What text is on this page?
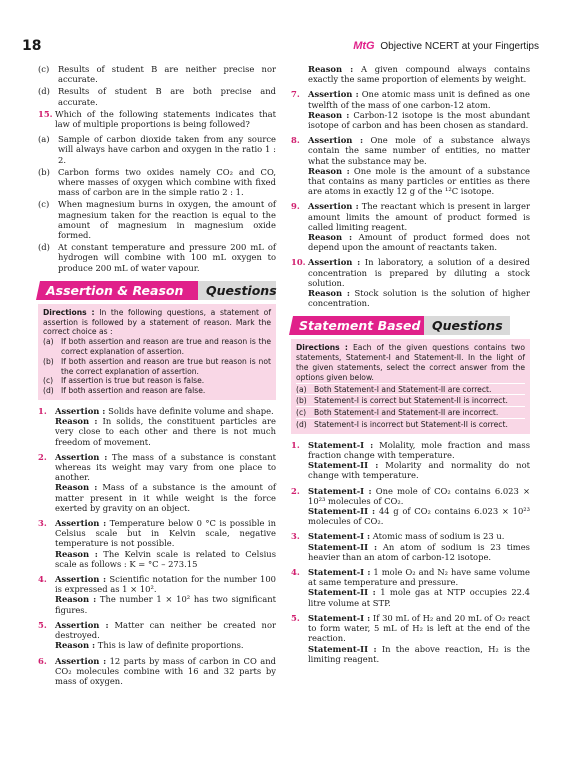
18	MtG Objective NCERT at your Fingertips
(c) Results of student B are neither precise nor accurate.
(d) Results of student B are both precise and accurate.
15. Which of the following statements indicates that law of multiple proportions is being followed?
(a) Sample of carbon dioxide taken from any source will always have carbon and oxygen in the ratio 1 : 2.
(b) Carbon forms two oxides namely CO₂ and CO, where masses of oxygen which combine with fixed mass of carbon are in the simple ratio 2 : 1.
(c) When magnesium burns in oxygen, the amount of magnesium taken for the reaction is equal to the amount of magnesium in magnesium oxide formed.
(d) At constant temperature and pressure 200 mL of hydrogen will combine with 100 mL oxygen to produce 200 mL of water vapour.
Assertion & Reason	Questions
Directions : In the following questions, a statement of assertion is followed by a statement of reason. Mark the correct choice as :
(a) If both assertion and reason are true and reason is the correct explanation of assertion.
(b) If both assertion and reason are true but reason is not the correct explanation of assertion.
(c) If assertion is true but reason is false.
(d) If both assertion and reason are false.
1. Assertion : Solids have definite volume and shape.
Reason : In solids, the constituent particles are very close to each other and there is not much freedom of movement.
2. Assertion : The mass of a substance is constant whereas its weight may vary from one place to another.
Reason : Mass of a substance is the amount of matter present in it while weight is the force exerted by gravity on an object.
3. Assertion : Temperature below 0 °C is possible in Celsius scale but in Kelvin scale, negative temperature is not possible.
Reason : The Kelvin scale is related to Celsius scale as follows : K = °C – 273.15
4. Assertion : Scientific notation for the number 100 is expressed as 1 × 10².
Reason : The number 1 × 10² has two significant figures.
5. Assertion : Matter can neither be created nor destroyed.
Reason : This is law of definite proportions.
6. Assertion : 12 parts by mass of carbon in CO and CO₂ molecules combine with 16 and 32 parts by mass of oxygen.
Reason : A given compound always contains exactly the same proportion of elements by weight.
7. Assertion : One atomic mass unit is defined as one twelfth of the mass of one carbon-12 atom.
Reason : Carbon-12 isotope is the most abundant isotope of carbon and has been chosen as standard.
8. Assertion : One mole of a substance always contain the same number of entities, no matter what the substance may be.
Reason : One mole is the amount of a substance that contains as many particles or entities as there are atoms in exactly 12 g of the ¹²C isotope.
9. Assertion : The reactant which is present in larger amount limits the amount of product formed is called limiting reagent.
Reason : Amount of product formed does not depend upon the amount of reactants taken.
10. Assertion : In laboratory, a solution of a desired concentration is prepared by diluting a stock solution.
Reason : Stock solution is the solution of higher concentration.
Statement Based Questions
Directions : Each of the given questions contains two statements, Statement-I and Statement-II. In the light of the given statements, select the correct answer from the options given below.
(a) Both Statement-I and Statement-II are correct.
(b) Statement-I is correct but Statement-II is incorrect.
(c) Both Statement-I and Statement-II are incorrect.
(d) Statement-I is incorrect but Statement-II is correct.
1. Statement-I : Molality, mole fraction and mass fraction change with temperature.
Statement-II : Molarity and normality do not change with temperature.
2. Statement-I : One mole of CO₂ contains 6.023 × 10²³ molecules of CO₂.
Statement-II : 44 g of CO₂ contains 6.023 × 10²³ molecules of CO₂.
3. Statement-I : Atomic mass of sodium is 23 u.
Statement-II : An atom of sodium is 23 times heavier than an atom of carbon-12 isotope.
4. Statement-I : 1 mole O₂ and N₂ have same volume at same temperature and pressure.
Statement-II : 1 mole gas at NTP occupies 22.4 litre volume at STP.
5. Statement-I : If 30 mL of H₂ and 20 mL of O₂ react to form water, 5 mL of H₂ is left at the end of the reaction.
Statement-II : In the above reaction, H₂ is the limiting reagent.
